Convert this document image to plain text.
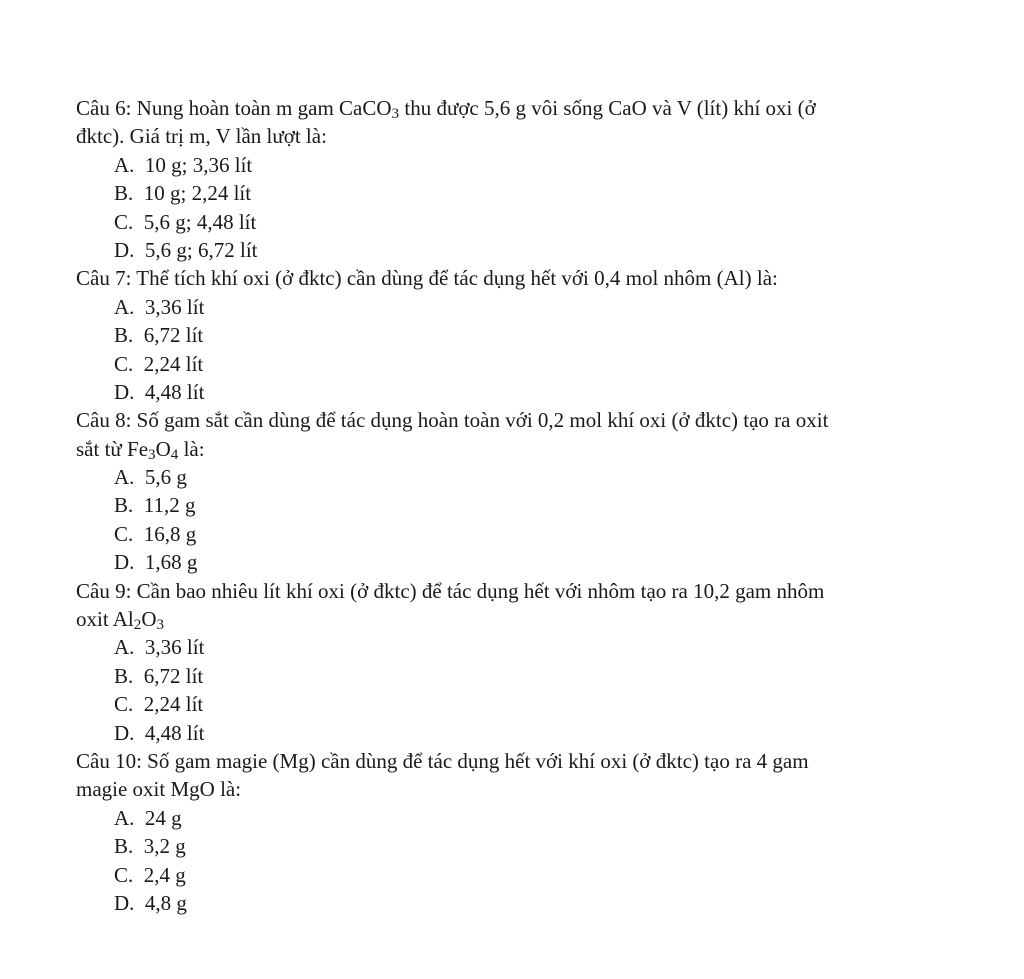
Câu 6: Nung hoàn toàn m gam CaCO$_3$ thu được 5,6 g vôi sống CaO và V (lít) khí oxi (ở
đktc). Giá trị m, V lần lượt là:
A.  10 g; 3,36 lít
B.  10 g; 2,24 lít
C.  5,6 g; 4,48 lít
D.  5,6 g; 6,72 lít
Câu 7: Thể tích khí oxi (ở đktc) cần dùng để tác dụng hết với 0,4 mol nhôm (Al) là:
A.  3,36 lít
B.  6,72 lít
C.  2,24 lít
D.  4,48 lít
Câu 8: Số gam sắt cần dùng để tác dụng hoàn toàn với 0,2 mol khí oxi (ở đktc) tạo ra oxit
sắt từ $Fe_3O_4$ là:
A.  5,6 g
B.  11,2 g
C.  16,8 g
D.  1,68 g
Câu 9: Cần bao nhiêu lít khí oxi (ở đktc) để tác dụng hết với nhôm tạo ra 10,2 gam nhôm
oxit $Al_2O_3$
A.  3,36 lít
B.  6,72 lít
C.  2,24 lít
D.  4,48 lít
Câu 10: Số gam magie (Mg) cần dùng để tác dụng hết với khí oxi (ở đktc) tạo ra 4 gam
magie oxit MgO là:
A.  24 g
B.  3,2 g
C.  2,4 g
D.  4,8 g
